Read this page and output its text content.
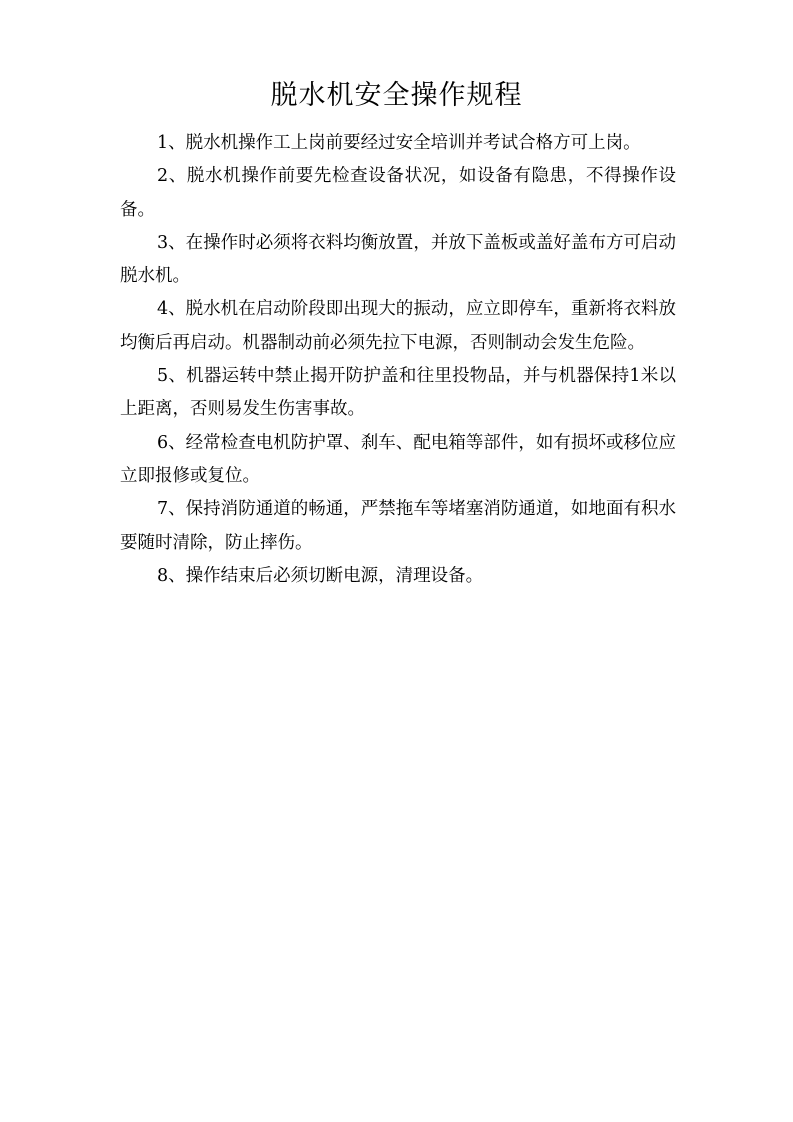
脱水机安全操作规程

1、脱水机操作工上岗前要经过安全培训并考试合格方可上岗。

2、脱水机操作前要先检查设备状况，如设备有隐患，不得操作设备。

3、在操作时必须将衣料均衡放置，并放下盖板或盖好盖布方可启动脱水机。

4、脱水机在启动阶段即出现大的振动，应立即停车，重新将衣料放均衡后再启动。机器制动前必须先拉下电源，否则制动会发生危险。

5、机器运转中禁止揭开防护盖和往里投物品，并与机器保持1米以上距离，否则易发生伤害事故。

6、经常检查电机防护罩、刹车、配电箱等部件，如有损坏或移位应立即报修或复位。

7、保持消防通道的畅通，严禁拖车等堵塞消防通道，如地面有积水要随时清除，防止摔伤。

8、操作结束后必须切断电源，清理设备。
